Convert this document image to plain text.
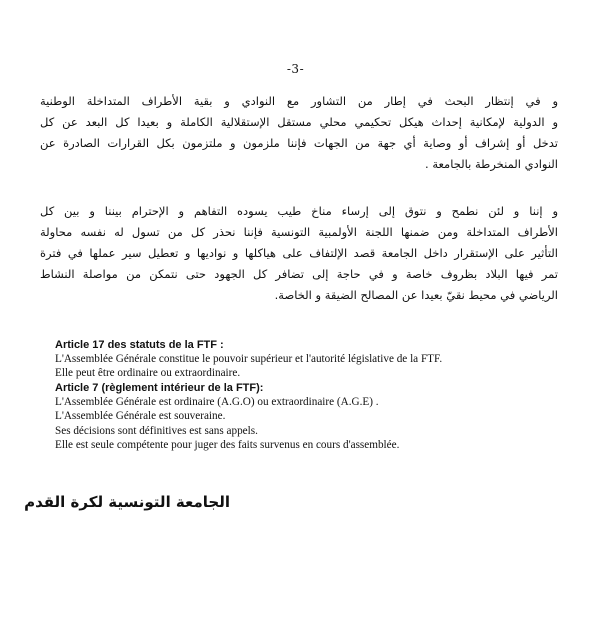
-3-
و في إنتظار البحث في إطار من التشاور مع النوادي و بقية الأطراف المتداخلة الوطنية
و الدولية لإمكانية إحداث هيكل تحكيمي محلي مستقل الإستقلالية الكاملة و بعيدا كل البعد عن كل
تدخل أو إشراف أو وصاية أي جهة من الجهات فإننا ملزمون و ملتزمون بكل القرارات الصادرة عن
النوادي المنخرطة بالجامعة .
و إننا و لئن نطمح و نتوق إلى إرساء مناخ طيب يسوده التفاهم و الإحترام بيننا و بين كل
الأطراف المتداخلة ومن ضمنها اللجنة الأولمبية التونسية فإننا نحذر كل من تسول له نفسه محاولة
التأثير على الإستقرار داخل الجامعة قصد الإلتفاف على هياكلها و نواديها و تعطيل سير عملها في فترة
تمر فيها البلاد بظروف خاصة و في حاجة إلى تضافر كل الجهود حتى نتمكن من مواصلة النشاط
الرياضي في محيط نقيّ بعيدا عن المصالح الضيقة و الخاصة.
Article 17 des statuts de la FTF :
L'Assemblée Générale constitue le pouvoir supérieur et l'autorité législative de la FTF.
Elle peut être ordinaire ou extraordinaire.
Article 7 (règlement intérieur de la FTF):
L'Assemblée Générale est ordinaire (A.G.O) ou extraordinaire (A.G.E) .
L'Assemblée Générale est souveraine.
Ses décisions sont définitives est sans appels.
Elle est seule compétente pour juger des faits survenus en cours d'assemblée.
الجامعة التونسية لكرة القدم
